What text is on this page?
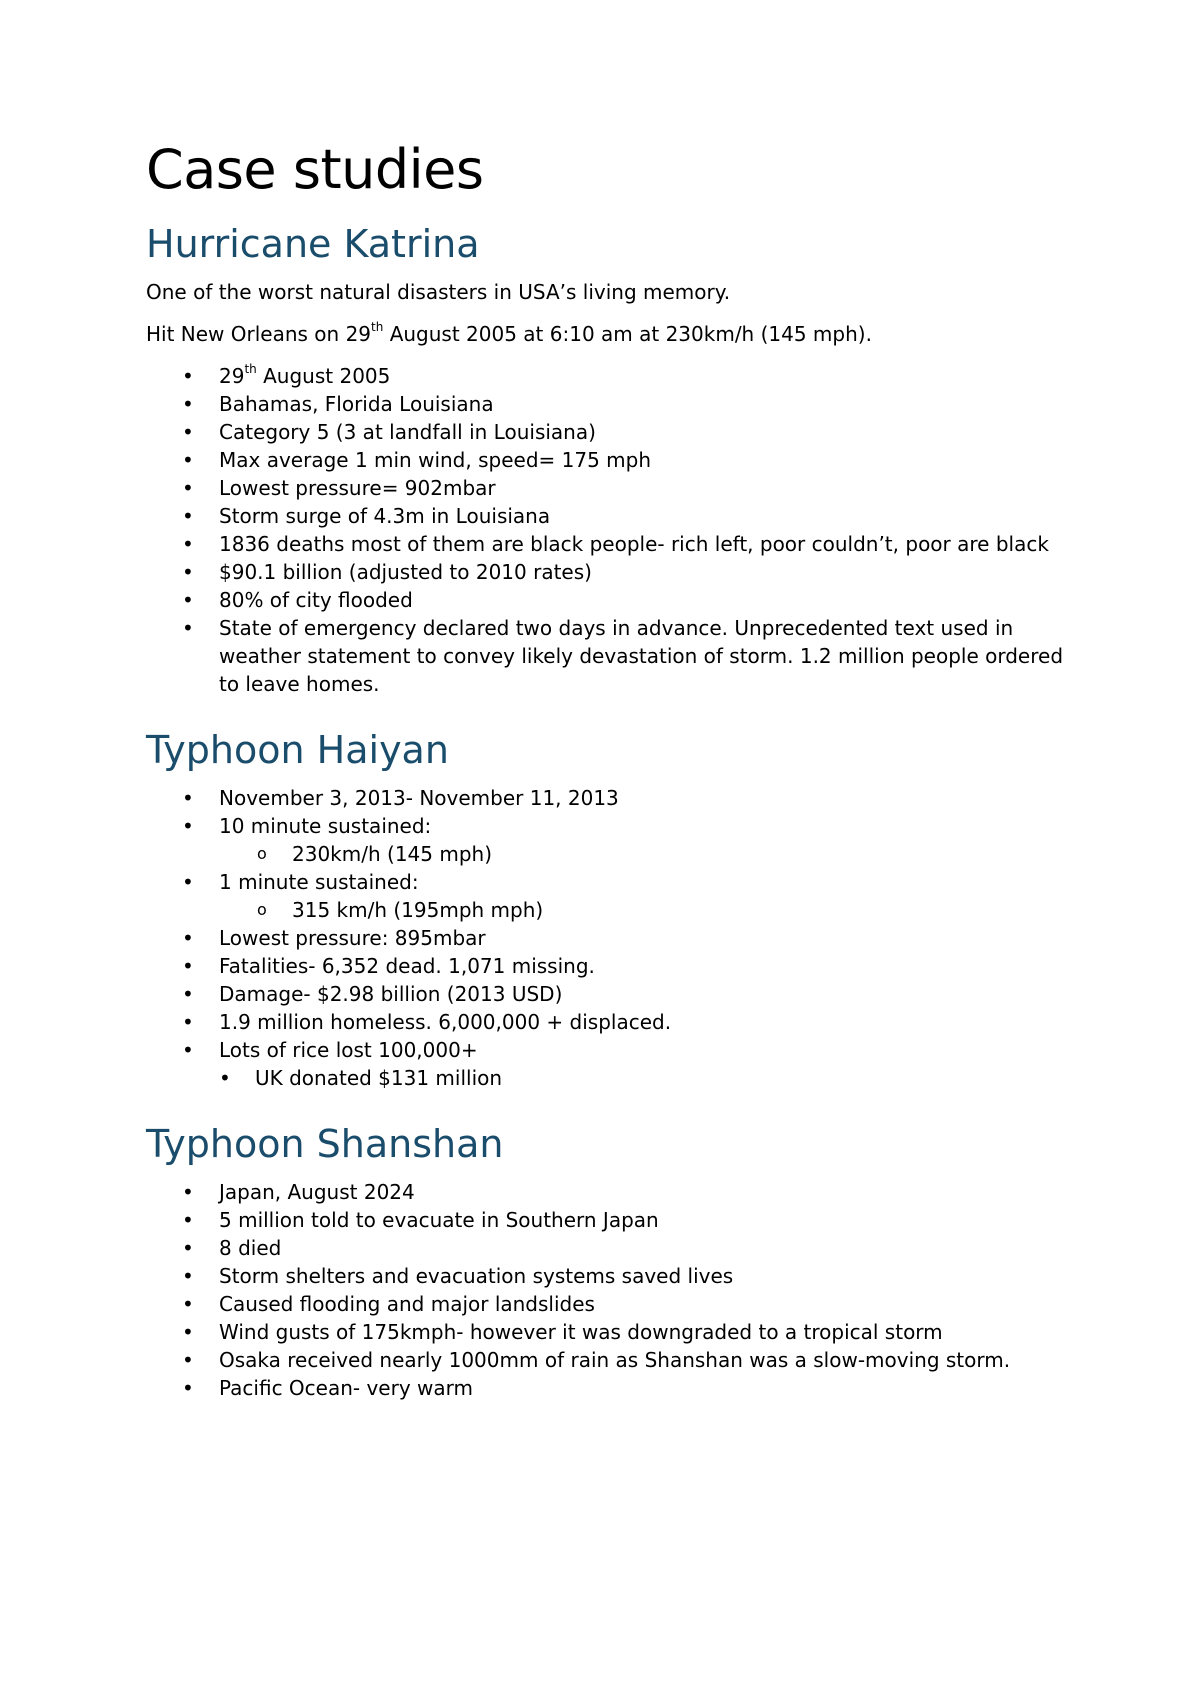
Case studies
Hurricane Katrina

One of the worst natural disasters in USA’s living memory.

Hit New Orleans on 29th August 2005 at 6:10 am at 230km/h (145 mph).

•	29th August 2005
•	Bahamas, Florida Louisiana
•	Category 5 (3 at landfall in Louisiana)
•	Max average 1 min wind, speed= 175 mph
•	Lowest pressure= 902mbar
•	Storm surge of 4.3m in Louisiana
•	1836 deaths most of them are black people- rich left, poor couldn’t, poor are black
•	$90.1 billion (adjusted to 2010 rates)
•	80% of city flooded
•	State of emergency declared two days in advance. Unprecedented text used in weather statement to convey likely devastation of storm. 1.2 million people ordered to leave homes.
Typhoon Haiyan
•	November 3, 2013- November 11, 2013
•	10 minute sustained:
o 230km/h (145 mph)
•	1 minute sustained:
o 315 km/h (195mph mph)
•	Lowest pressure: 895mbar
•	Fatalities- 6,352 dead. 1,071 missing.
•	Damage- $2.98 billion (2013 USD)
•	1.9 million homeless. 6,000,000 + displaced.
•	Lots of rice lost 100,000+
• UK donated $131 million
Typhoon Shanshan
•	Japan, August 2024
•	5 million told to evacuate in Southern Japan
•	8 died
•	Storm shelters and evacuation systems saved lives
•	Caused flooding and major landslides
•	Wind gusts of 175kmph- however it was downgraded to a tropical storm
•	Osaka received nearly 1000mm of rain as Shanshan was a slow-moving storm.
•	Pacific Ocean- very warm
